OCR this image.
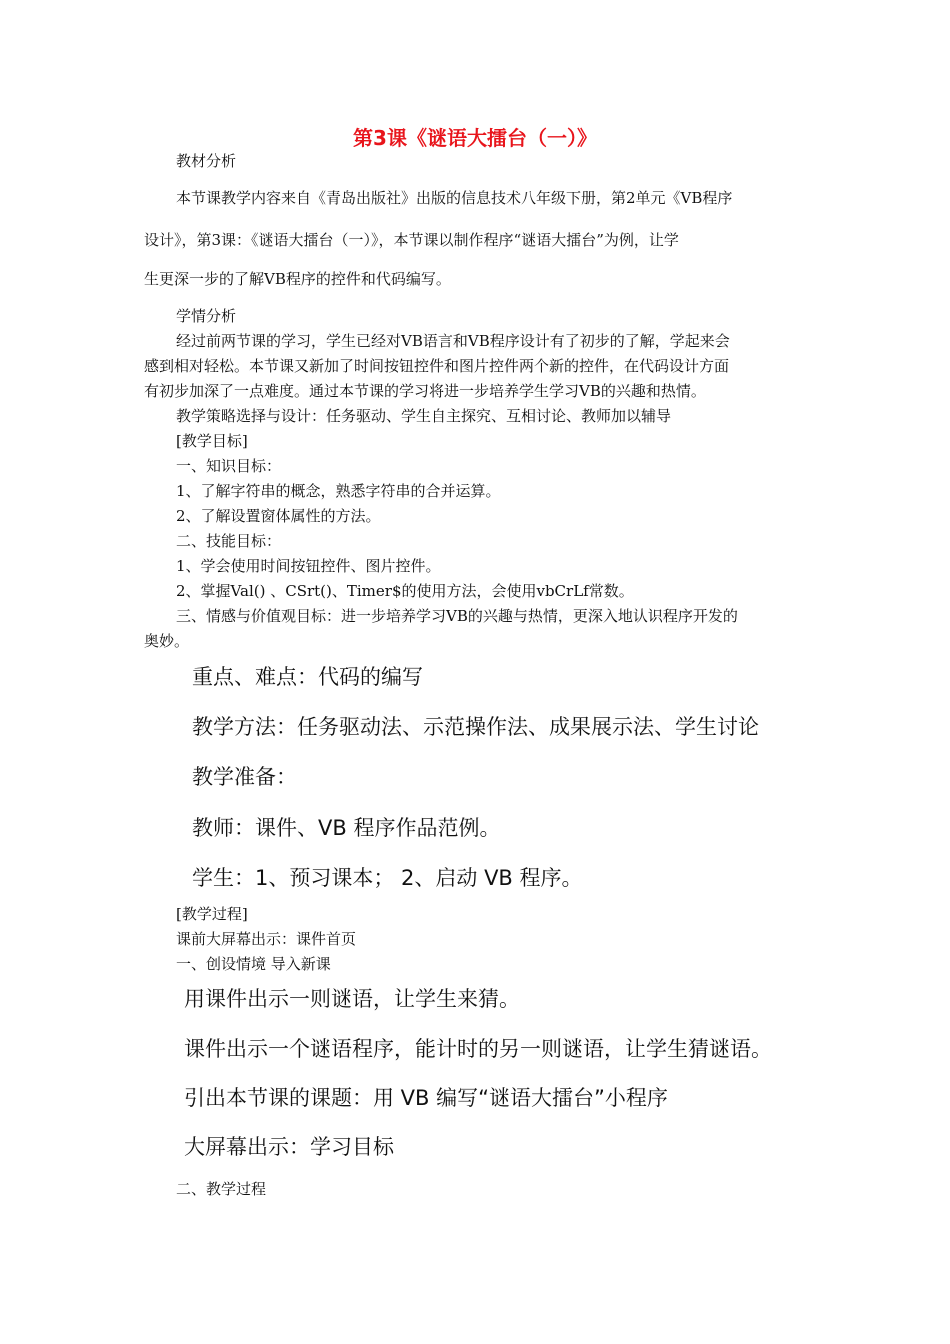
第3课《谜语大擂台（一）》
教材分析
本节课教学内容来自《青岛出版社》出版的信息技术八年级下册，第2单元《VB程序
设计》，第3课：《谜语大擂台（一）》，本节课以制作程序“谜语大擂台”为例，让学
生更深一步的了解VB程序的控件和代码编写。
学情分析
经过前两节课的学习，学生已经对VB语言和VB程序设计有了初步的了解，学起来会
感到相对轻松。本节课又新加了时间按钮控件和图片控件两个新的控件，在代码设计方面
有初步加深了一点难度。通过本节课的学习将进一步培养学生学习VB的兴趣和热情。
教学策略选择与设计：任务驱动、学生自主探究、互相讨论、教师加以辅导
[教学目标]
一、知识目标：
1、了解字符串的概念，熟悉字符串的合并运算。
2、了解设置窗体属性的方法。
二、技能目标：
1、学会使用时间按钮控件、图片控件。
2、掌握Val() 、CSrt()、Timer$的使用方法，会使用vbCrLf常数。
三、情感与价值观目标：进一步培养学习VB的兴趣与热情，更深入地认识程序开发的
奥妙。
重点、难点：代码的编写
教学方法：任务驱动法、示范操作法、成果展示法、学生讨论
教学准备：
教师：课件、VB 程序作品范例。
学生：1、预习课本； 2、启动 VB 程序。
[教学过程]
课前大屏幕出示：课件首页
一、创设情境 导入新课
用课件出示一则谜语，让学生来猜。
课件出示一个谜语程序，能计时的另一则谜语，让学生猜谜语。
引出本节课的课题：用 VB 编写“谜语大擂台”小程序
大屏幕出示：学习目标
二、教学过程
